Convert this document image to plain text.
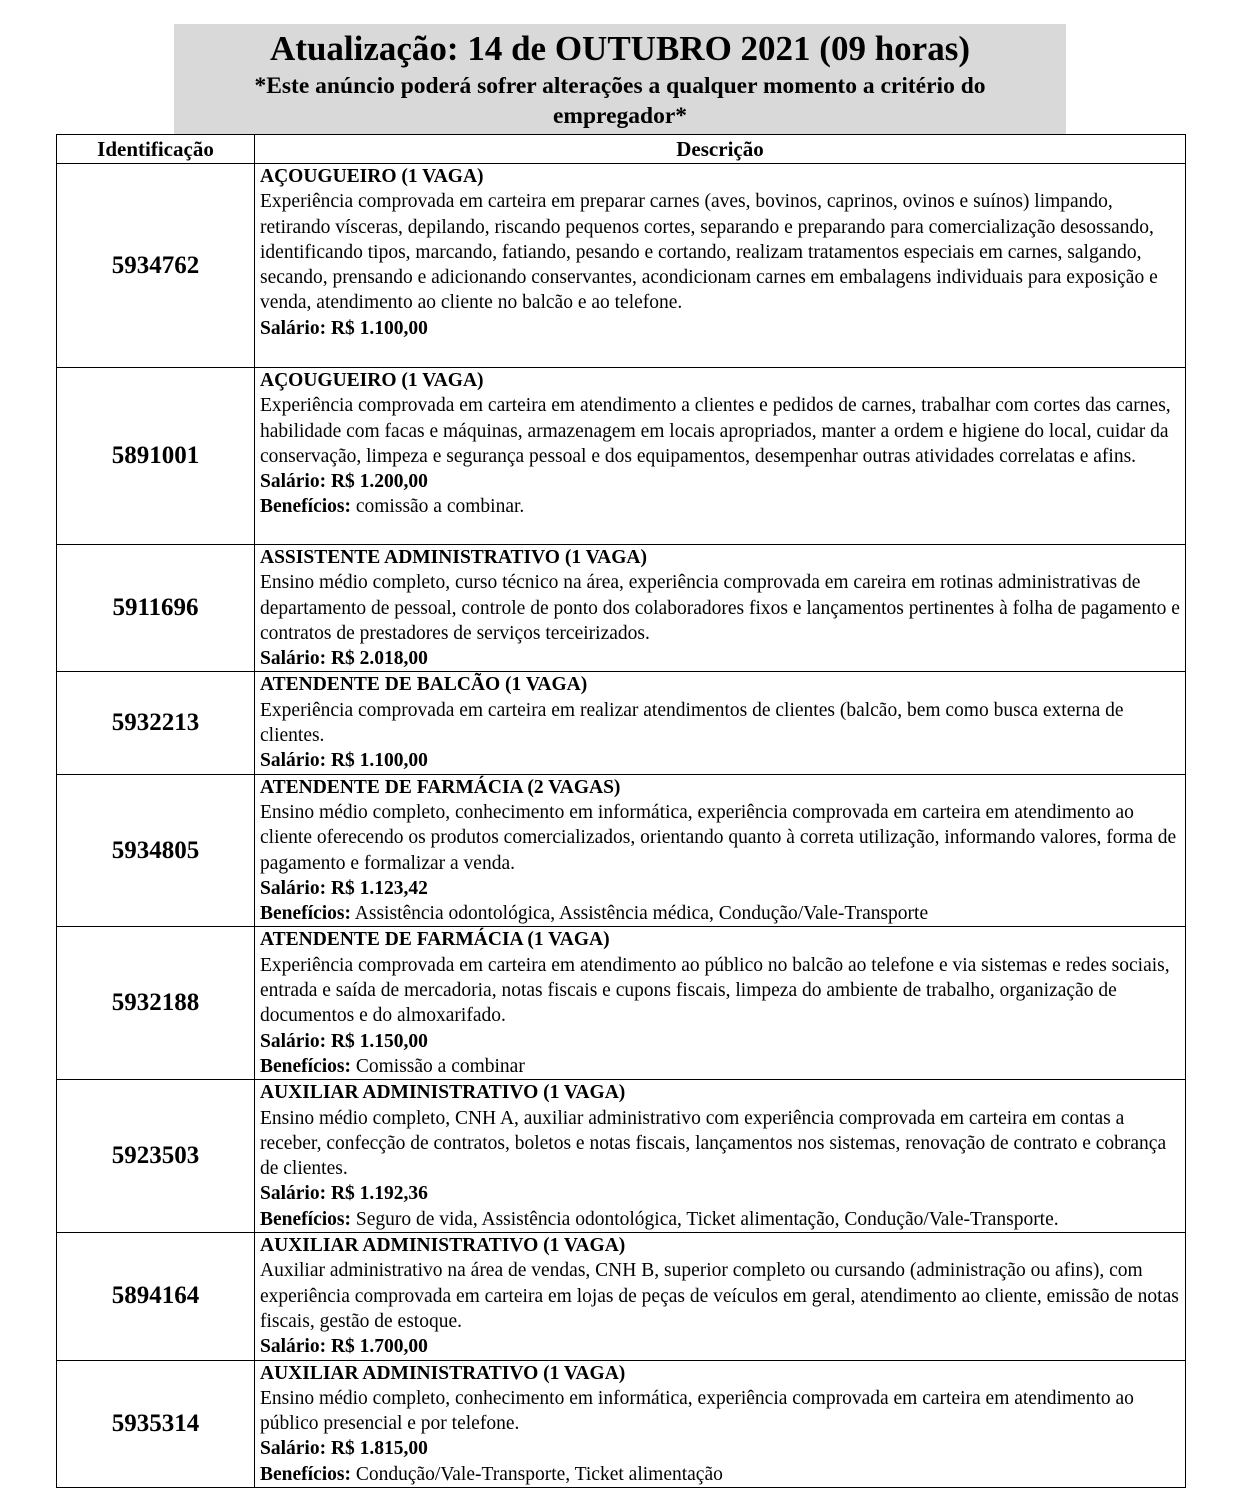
Atualização: 14 de OUTUBRO 2021 (09 horas)
*Este anúncio poderá sofrer alterações a qualquer momento a critério do empregador*
Identificação	Descrição
5934762	AÇOUGUEIRO (1 VAGA)
Experiência comprovada em carteira em preparar carnes (aves, bovinos, caprinos, ovinos e suínos) limpando, retirando vísceras, depilando, riscando pequenos cortes, separando e preparando para comercialização desossando, identificando tipos, marcando, fatiando, pesando e cortando, realizam tratamentos especiais em carnes, salgando, secando, prensando e adicionando conservantes, acondicionam carnes em embalagens individuais para exposição e venda, atendimento ao cliente no balcão e ao telefone.
Salário: R$ 1.100,00

5891001	AÇOUGUEIRO (1 VAGA)
Experiência comprovada em carteira em atendimento a clientes e pedidos de carnes, trabalhar com cortes das carnes, habilidade com facas e máquinas, armazenagem em locais apropriados, manter a ordem e higiene do local, cuidar da conservação, limpeza e segurança pessoal e dos equipamentos, desempenhar outras atividades correlatas e afins.
Salário: R$ 1.200,00
Benefícios: comissão a combinar.

5911696	ASSISTENTE ADMINISTRATIVO (1 VAGA)
Ensino médio completo, curso técnico na área, experiência comprovada em careira em rotinas administrativas de departamento de pessoal, controle de ponto dos colaboradores fixos e lançamentos pertinentes à folha de pagamento e contratos de prestadores de serviços terceirizados.
Salário: R$ 2.018,00

5932213	ATENDENTE DE BALCÃO (1 VAGA)
Experiência comprovada em carteira em realizar atendimentos de clientes (balcão, bem como busca externa de clientes.
Salário: R$ 1.100,00

5934805	ATENDENTE DE FARMÁCIA (2 VAGAS)
Ensino médio completo, conhecimento em informática, experiência comprovada em carteira em atendimento ao cliente oferecendo os produtos comercializados, orientando quanto à correta utilização, informando valores, forma de pagamento e formalizar a venda.
Salário: R$ 1.123,42
Benefícios: Assistência odontológica, Assistência médica, Condução/Vale-Transporte

5932188	ATENDENTE DE FARMÁCIA (1 VAGA)
Experiência comprovada em carteira em atendimento ao público no balcão ao telefone e via sistemas e redes sociais, entrada e saída de mercadoria, notas fiscais e cupons fiscais, limpeza do ambiente de trabalho, organização de documentos e do almoxarifado.
Salário: R$ 1.150,00
Benefícios: Comissão a combinar

5923503	AUXILIAR ADMINISTRATIVO (1 VAGA)
Ensino médio completo, CNH A, auxiliar administrativo com experiência comprovada em carteira em contas a receber, confecção de contratos, boletos e notas fiscais, lançamentos nos sistemas, renovação de contrato e cobrança de clientes.
Salário: R$ 1.192,36
Benefícios: Seguro de vida, Assistência odontológica, Ticket alimentação, Condução/Vale-Transporte.

5894164	AUXILIAR ADMINISTRATIVO (1 VAGA)
Auxiliar administrativo na área de vendas, CNH B, superior completo ou cursando (administração ou afins), com experiência comprovada em carteira em lojas de peças de veículos em geral, atendimento ao cliente, emissão de notas fiscais, gestão de estoque.
Salário: R$ 1.700,00

5935314	AUXILIAR ADMINISTRATIVO (1 VAGA)
Ensino médio completo, conhecimento em informática, experiência comprovada em carteira em atendimento ao público presencial e por telefone.
Salário: R$ 1.815,00
Benefícios: Condução/Vale-Transporte, Ticket alimentação
